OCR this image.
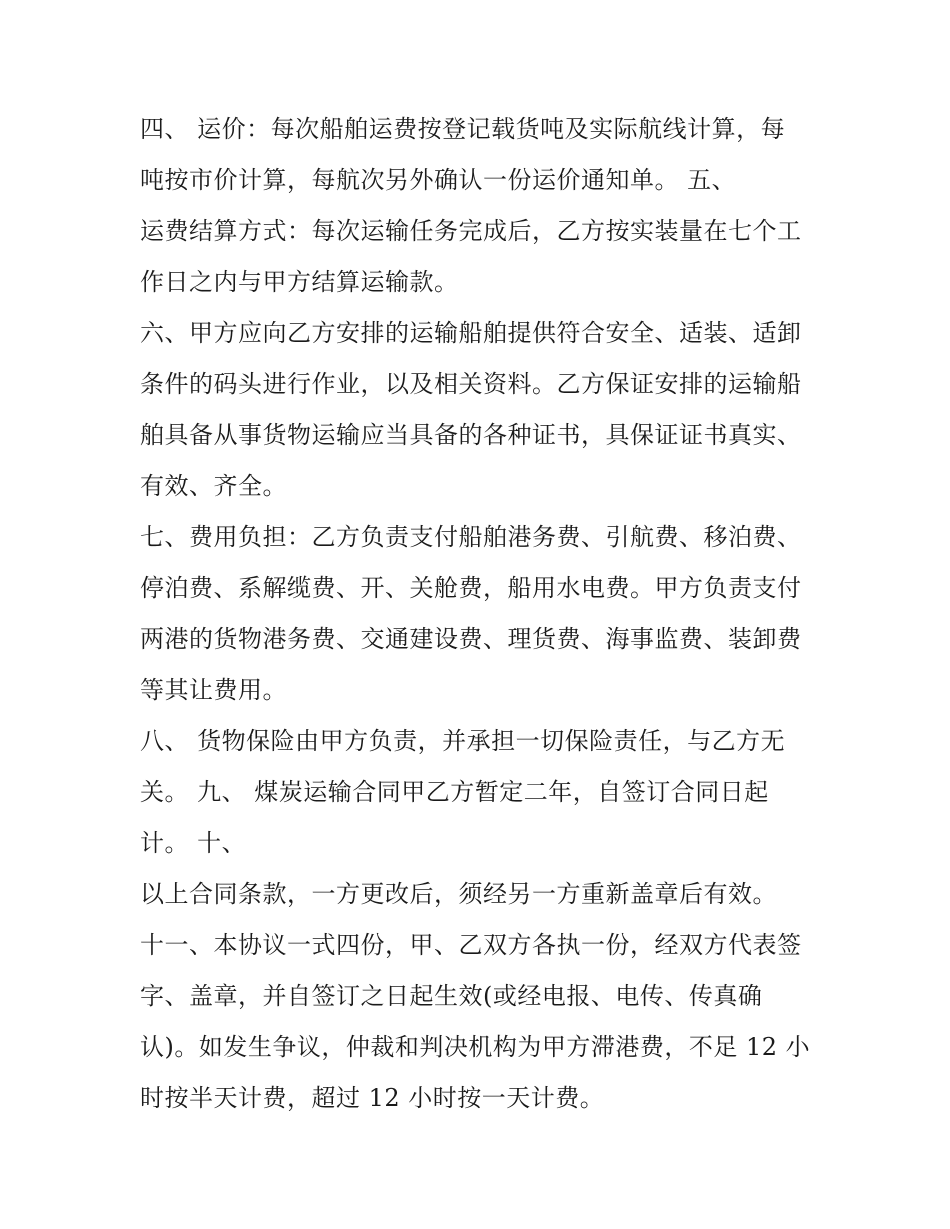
四、 运价：每次船舶运费按登记载货吨及实际航线计算，每
吨按市价计算，每航次另外确认一份运价通知单。 五、
运费结算方式：每次运输任务完成后，乙方按实装量在七个工
作日之内与甲方结算运输款。
六、甲方应向乙方安排的运输船舶提供符合安全、适装、适卸
条件的码头进行作业，以及相关资料。乙方保证安排的运输船
舶具备从事货物运输应当具备的各种证书，具保证证书真实、
有效、齐全。
七、费用负担：乙方负责支付船舶港务费、引航费、移泊费、
停泊费、系解缆费、开、关舱费，船用水电费。甲方负责支付
两港的货物港务费、交通建设费、理货费、海事监费、装卸费
等其让费用。
八、 货物保险由甲方负责，并承担一切保险责任，与乙方无
关。 九、 煤炭运输合同甲乙方暂定二年，自签订合同日起
计。 十、
以上合同条款，一方更改后，须经另一方重新盖章后有效。
十一、本协议一式四份，甲、乙双方各执一份，经双方代表签
字、盖章，并自签订之日起生效(或经电报、电传、传真确
认)。如发生争议，仲裁和判决机构为甲方滞港费，不足 12 小
时按半天计费，超过 12 小时按一天计费。
